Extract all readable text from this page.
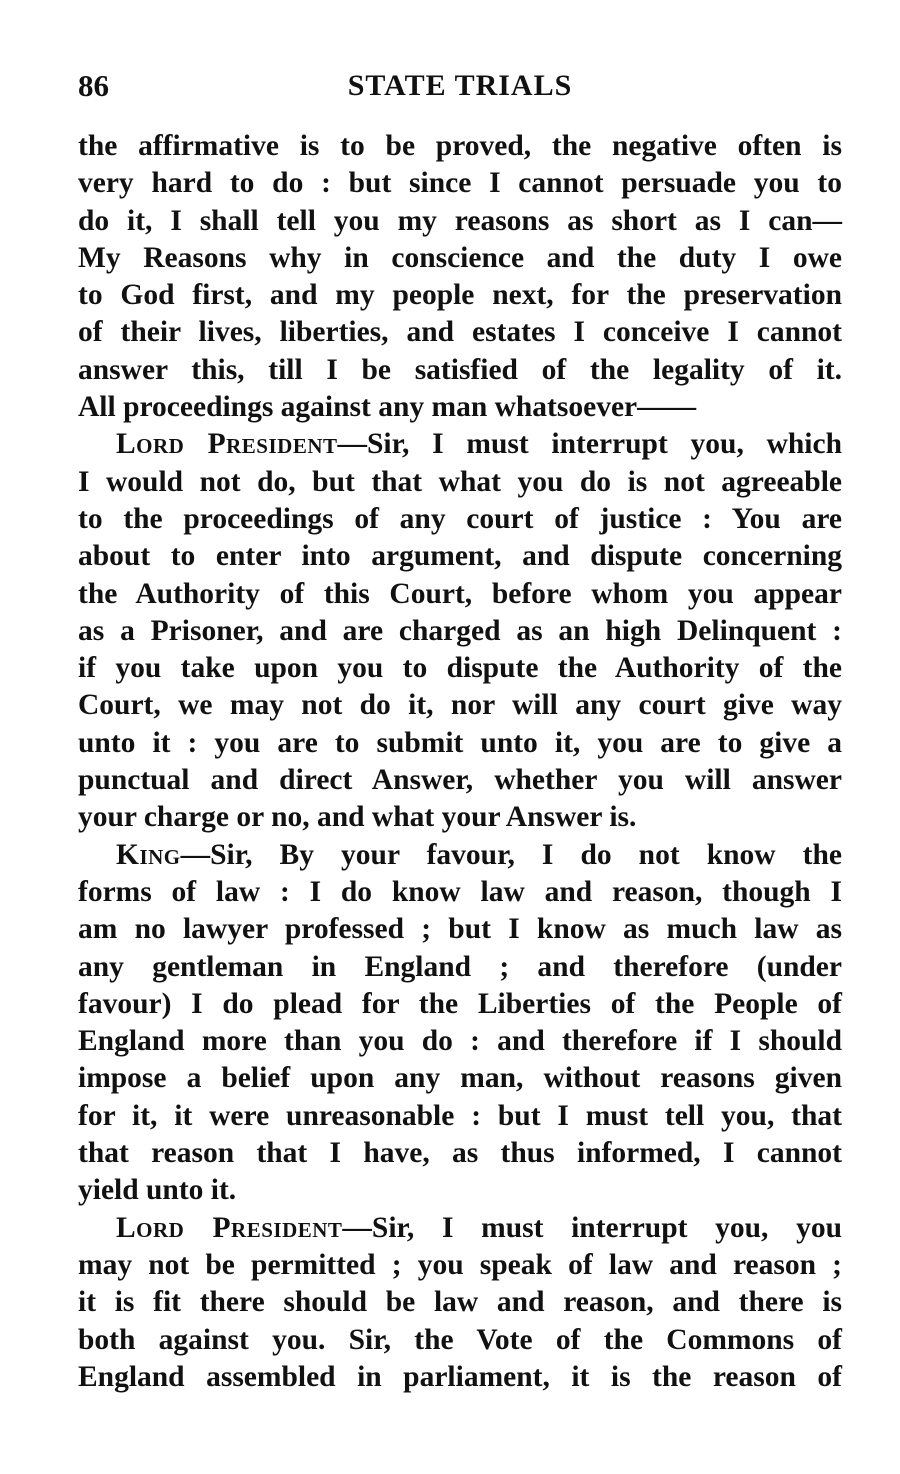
86	STATE TRIALS
the affirmative is to be proved, the negative often is
very hard to do : but since I cannot persuade you to
do it, I shall tell you my reasons as short as I can—
My Reasons why in conscience and the duty I owe
to God first, and my people next, for the preservation
of their lives, liberties, and estates I conceive I cannot
answer this, till I be satisfied of the legality of it.
All proceedings against any man whatsoever——
Lord President—Sir, I must interrupt you, which
I would not do, but that what you do is not agreeable
to the proceedings of any court of justice : You are
about to enter into argument, and dispute concerning
the Authority of this Court, before whom you appear
as a Prisoner, and are charged as an high Delinquent :
if you take upon you to dispute the Authority of the
Court, we may not do it, nor will any court give way
unto it : you are to submit unto it, you are to give a
punctual and direct Answer, whether you will answer
your charge or no, and what your Answer is.
King—Sir, By your favour, I do not know the
forms of law : I do know law and reason, though I
am no lawyer professed ; but I know as much law as
any gentleman in England ; and therefore (under
favour) I do plead for the Liberties of the People of
England more than you do : and therefore if I should
impose a belief upon any man, without reasons given
for it, it were unreasonable : but I must tell you, that
that reason that I have, as thus informed, I cannot
yield unto it.
Lord President—Sir, I must interrupt you, you
may not be permitted ; you speak of law and reason ;
it is fit there should be law and reason, and there is
both against you. Sir, the Vote of the Commons of
England assembled in parliament, it is the reason of
